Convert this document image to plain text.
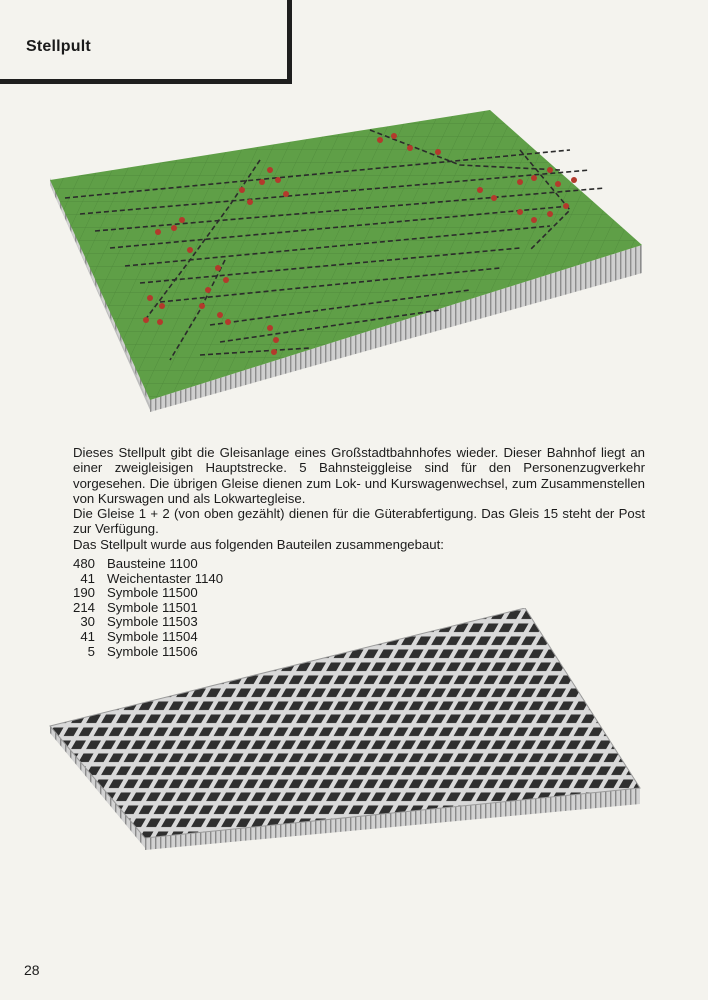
Stellpult

Dieses Stellpult gibt die Gleisanlage eines Großstadtbahnhofes wieder. Dieser Bahnhof liegt an einer zweigleisigen Hauptstrecke. 5 Bahnsteiggleise sind für den Personenzugverkehr vorgesehen. Die übrigen Gleise dienen zum Lok- und Kurswagenwechsel, zum Zusammenstellen von Kurswagen und als Lokwartegleise.

Die Gleise 1 + 2 (von oben gezählt) dienen für die Güterabfertigung. Das Gleis 15 steht der Post zur Verfügung.

Das Stellpult wurde aus folgenden Bauteilen zusammengebaut:

480 Bausteine 1100
41 Weichentaster 1140
190 Symbole 11500
214 Symbole 11501
30 Symbole 11503
41 Symbole 11504
5 Symbole 11506
28
